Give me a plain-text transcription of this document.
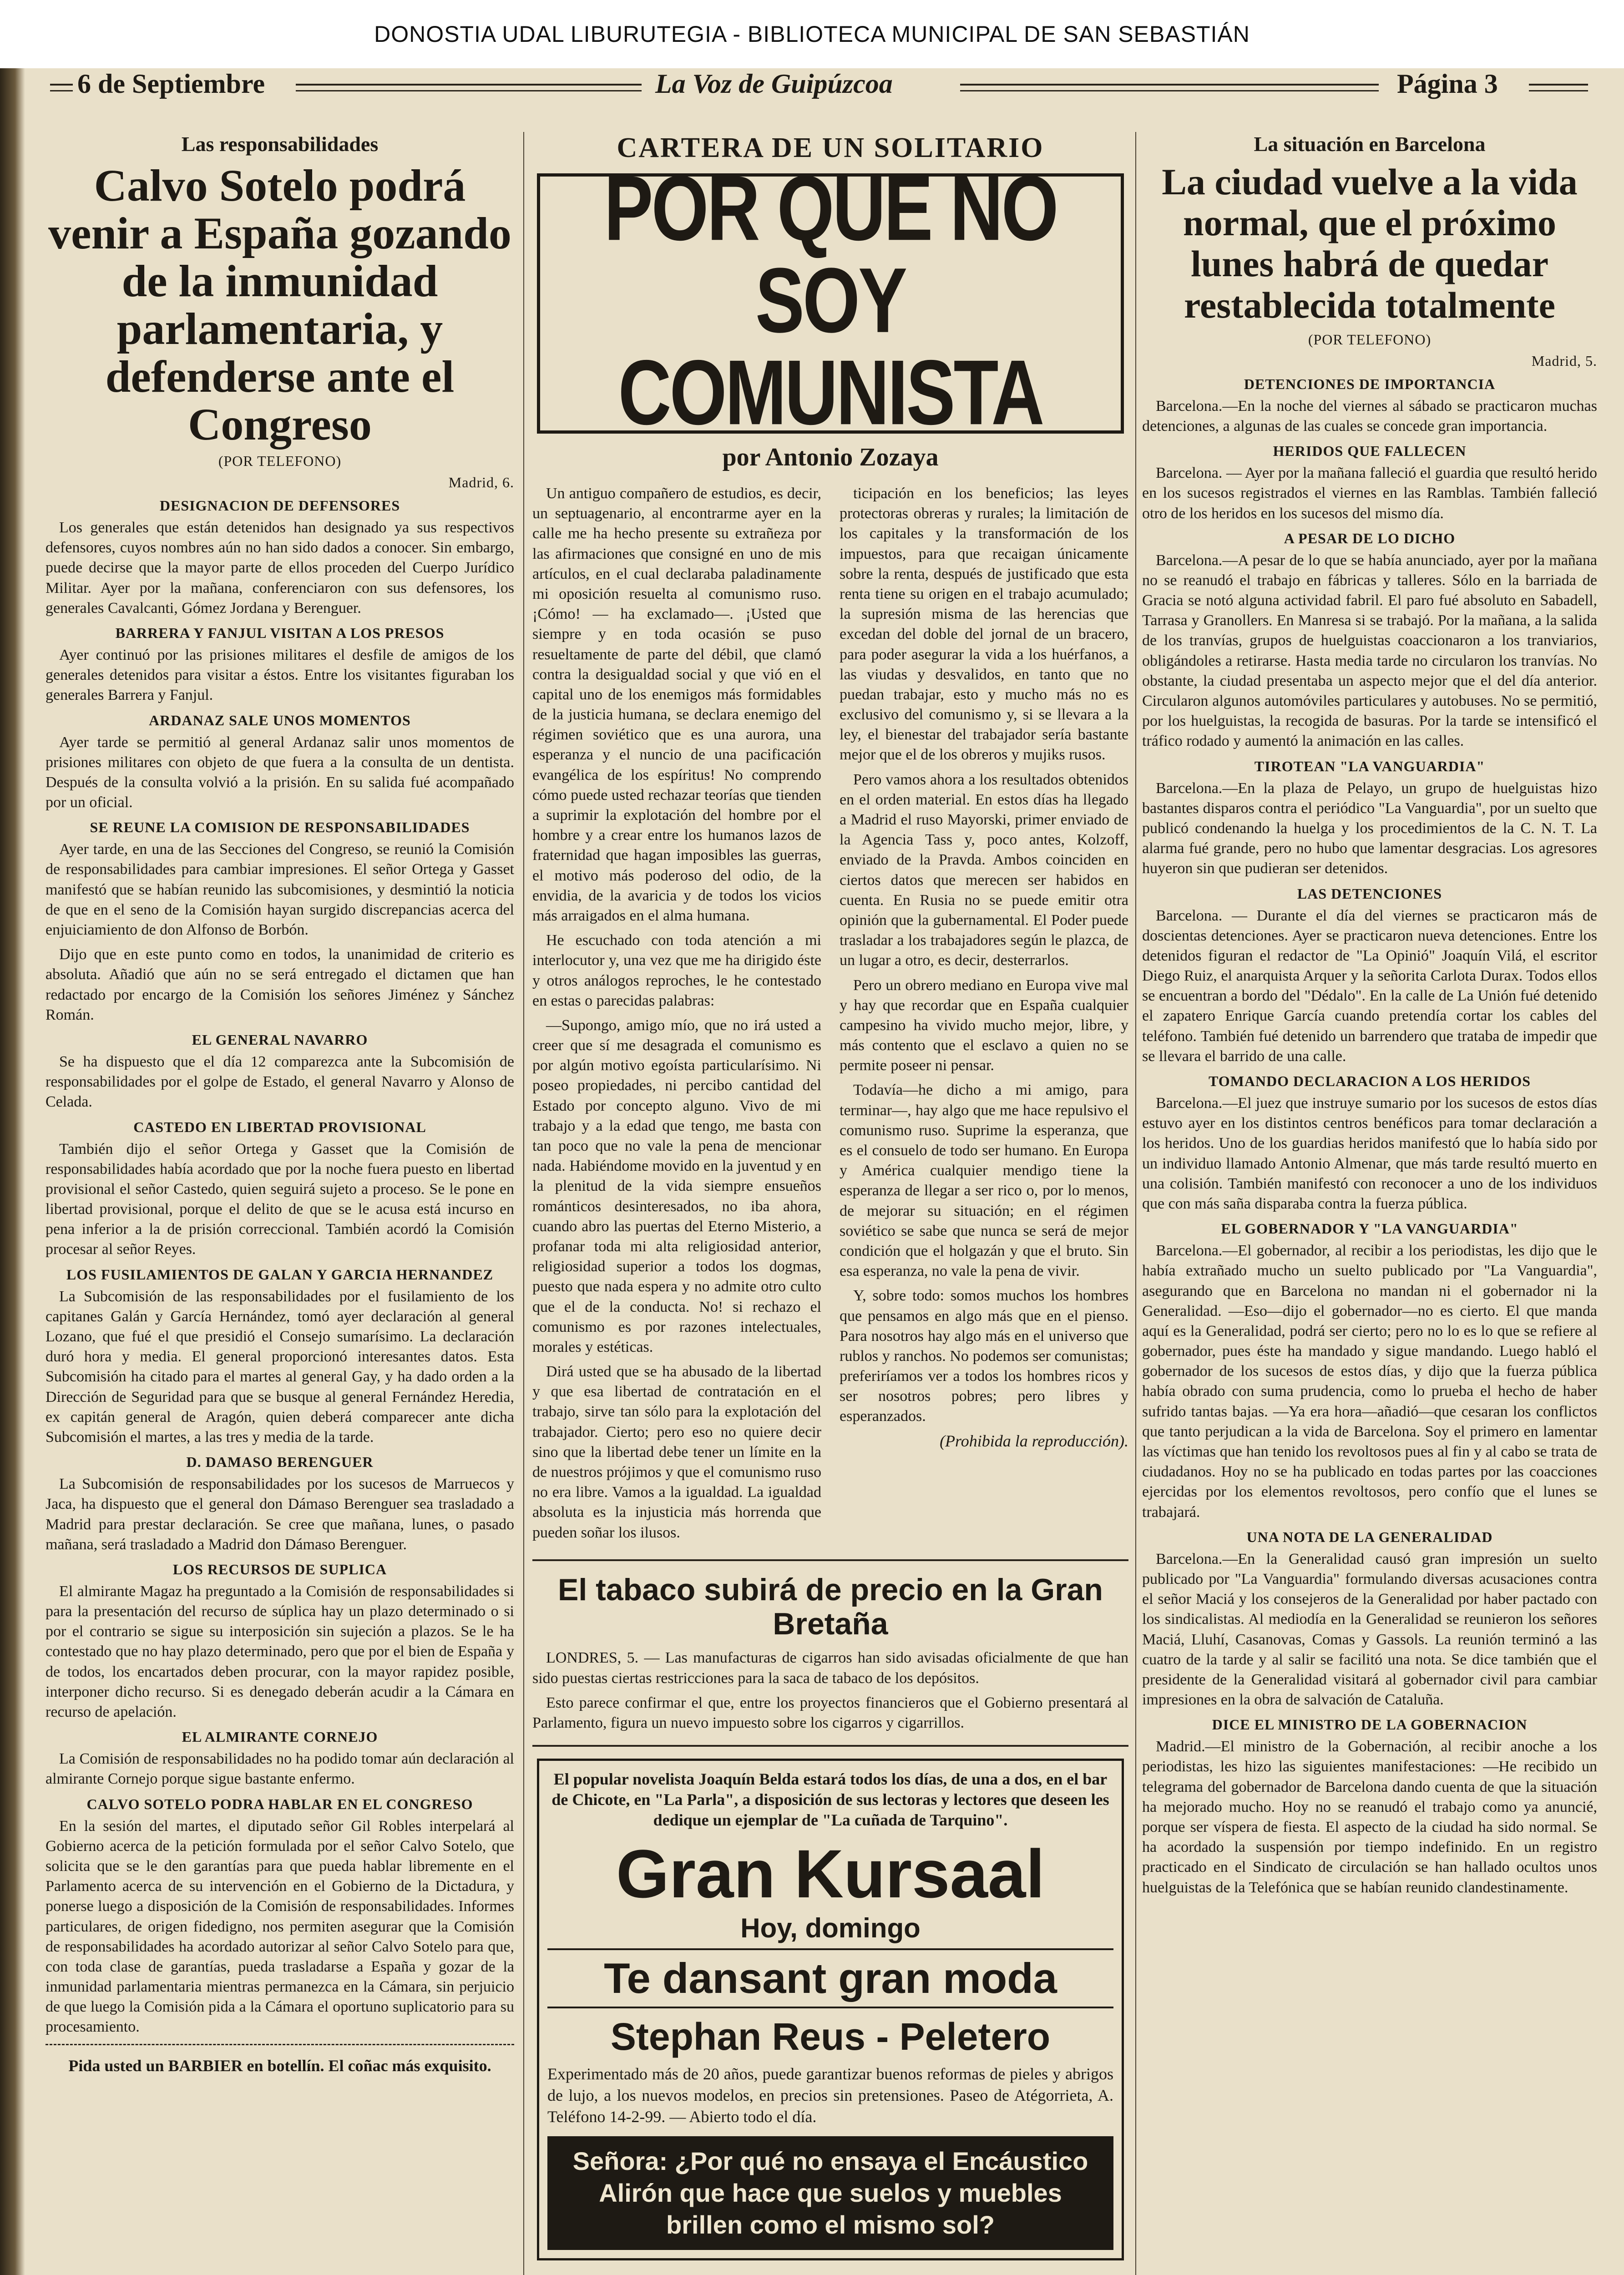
DONOSTIA UDAL LIBURUTEGIA - BIBLIOTECA MUNICIPAL DE SAN SEBASTIÁN
6 de Septiembre	La Voz de Guipúzcoa	Página 3
Las responsabilidades
Calvo Sotelo podrá venir a España gozando de la inmunidad parlamentaria, y defenderse ante el Congreso
(POR TELEFONO)
Madrid, 6.
DESIGNACION DE DEFENSORES

Los generales que están detenidos han designado ya sus respectivos defensores, cuyos nombres aún no han sido dados a conocer. Sin embargo, puede decirse que la mayor parte de ellos proceden del Cuerpo Jurídico Militar. Ayer por la mañana, conferenciaron con sus defensores, los generales Cavalcanti, Gómez Jordana y Berenguer.

BARRERA Y FANJUL VISITAN A LOS PRESOS

Ayer continuó por las prisiones militares el desfile de amigos de los generales detenidos para visitar a éstos. Entre los visitantes figuraban los generales Barrera y Fanjul.

ARDANAZ SALE UNOS MOMENTOS

Ayer tarde se permitió al general Ardanaz salir unos momentos de prisiones militares con objeto de que fuera a la consulta de un dentista. Después de la consulta volvió a la prisión. En su salida fué acompañado por un oficial.

SE REUNE LA COMISION DE RESPONSABILIDADES

Ayer tarde, en una de las Secciones del Congreso, se reunió la Comisión de responsabilidades para cambiar impresiones. El señor Ortega y Gasset manifestó que se habían reunido las subcomisiones, y desmintió la noticia de que en el seno de la Comisión hayan surgido discrepancias acerca del enjuiciamiento de don Alfonso de Borbón.

Dijo que en este punto como en todos, la unanimidad de criterio es absoluta. Añadió que aún no se será entregado el dictamen que han redactado por encargo de la Comisión los señores Jiménez y Sánchez Román.

EL GENERAL NAVARRO

Se ha dispuesto que el día 12 comparezca ante la Subcomisión de responsabilidades por el golpe de Estado, el general Navarro y Alonso de Celada.

CASTEDO EN LIBERTAD PROVISIONAL

También dijo el señor Ortega y Gasset que la Comisión de responsabilidades había acordado que por la noche fuera puesto en libertad provisional el señor Castedo, quien seguirá sujeto a proceso. Se le pone en libertad provisional, porque el delito de que se le acusa está incurso en pena inferior a la de prisión correccional. También acordó la Comisión procesar al señor Reyes.

LOS FUSILAMIENTOS DE GALAN Y GARCIA HERNANDEZ

La Subcomisión de las responsabilidades por el fusilamiento de los capitanes Galán y García Hernández, tomó ayer declaración al general Lozano, que fué el que presidió el Consejo sumarísimo. La declaración duró hora y media. El general proporcionó interesantes datos. Esta Subcomisión ha citado para el martes al general Gay, y ha dado orden a la Dirección de Seguridad para que se busque al general Fernández Heredia, ex capitán general de Aragón, quien deberá comparecer ante dicha Subcomisión el martes, a las tres y media de la tarde.

D. DAMASO BERENGUER

La Subcomisión de responsabilidades por los sucesos de Marruecos y Jaca, ha dispuesto que el general don Dámaso Berenguer sea trasladado a Madrid para prestar declaración. Se cree que mañana, lunes, o pasado mañana, será trasladado a Madrid don Dámaso Berenguer.

LOS RECURSOS DE SUPLICA

El almirante Magaz ha preguntado a la Comisión de responsabilidades si para la presentación del recurso de súplica hay un plazo determinado o si por el contrario se sigue su interposición sin sujeción a plazos. Se le ha contestado que no hay plazo determinado, pero que por el bien de España y de todos, los encartados deben procurar, con la mayor rapidez posible, interponer dicho recurso. Si es denegado deberán acudir a la Cámara en recurso de apelación.

EL ALMIRANTE CORNEJO

La Comisión de responsabilidades no ha podido tomar aún declaración al almirante Cornejo porque sigue bastante enfermo.

CALVO SOTELO PODRA HABLAR EN EL CONGRESO

En la sesión del martes, el diputado señor Gil Robles interpelará al Gobierno acerca de la petición formulada por el señor Calvo Sotelo, que solicita que se le den garantías para que pueda hablar libremente en el Parlamento acerca de su intervención en el Gobierno de la Dictadura, y ponerse luego a disposición de la Comisión de responsabilidades. Informes particulares, de origen fidedigno, nos permiten asegurar que la Comisión de responsabilidades ha acordado autorizar al señor Calvo Sotelo para que, con toda clase de garantías, pueda trasladarse a España y gozar de la inmunidad parlamentaria mientras permanezca en la Cámara, sin perjuicio de que luego la Comisión pida a la Cámara el oportuno suplicatorio para su procesamiento.

Pida usted un BARBIER en botellín. El coñac más exquisito.
CARTERA DE UN SOLITARIO
POR QUE NO SOY COMUNISTA
por Antonio Zozaya

Un antiguo compañero de estudios, es decir, un septuagenario, al encontrarme ayer en la calle me ha hecho presente su extrañeza por las afirmaciones que consigné en uno de mis artículos, en el cual declaraba paladinamente mi oposición resuelta al comunismo ruso. ¡Cómo! — ha exclamado—. ¡Usted que siempre y en toda ocasión se puso resueltamente de parte del débil, que clamó contra la desigualdad social y que vió en el capital uno de los enemigos más formidables de la justicia humana, se declara enemigo del régimen soviético que es una aurora, una esperanza y el nuncio de una pacificación evangélica de los espíritus! No comprendo cómo puede usted rechazar teorías que tienden a suprimir la explotación del hombre por el hombre y a crear entre los humanos lazos de fraternidad que hagan imposibles las guerras, el motivo más poderoso del odio, de la envidia, de la avaricia y de todos los vicios más arraigados en el alma humana.

He escuchado con toda atención a mi interlocutor y, una vez que me ha dirigido éste y otros análogos reproches, le he contestado en estas o parecidas palabras:

—Supongo, amigo mío, que no irá usted a creer que sí me desagrada el comunismo es por algún motivo egoísta particularísimo. Ni poseo propiedades, ni percibo cantidad del Estado por concepto alguno. Vivo de mi trabajo y a la edad que tengo, me basta con tan poco que no vale la pena de mencionar nada. Habiéndome movido en la juventud y en la plenitud de la vida siempre ensueños románticos desinteresados, no iba ahora, cuando abro las puertas del Eterno Misterio, a profanar toda mi alta religiosidad anterior, religiosidad superior a todos los dogmas, puesto que nada espera y no admite otro culto que el de la conducta. No! si rechazo el comunismo es por razones intelectuales, morales y estéticas.

Dirá usted que se ha abusado de la libertad y que esa libertad de contratación en el trabajo, sirve tan sólo para la explotación del trabajador. Cierto; pero eso no quiere decir sino que la libertad debe tener un límite en la de nuestros prójimos y que el comunismo ruso no era libre. Vamos a la igualdad. La igualdad absoluta es la injusticia más horrenda que pueden soñar los ilusos.

ticipación en los beneficios; las leyes protectoras obreras y rurales; la limitación de los capitales y la transformación de los impuestos, para que recaigan únicamente sobre la renta, después de justificado que esta renta tiene su origen en el trabajo acumulado; la supresión misma de las herencias que excedan del doble del jornal de un bracero, para poder asegurar la vida a los huérfanos, a las viudas y desvalidos, en tanto que no puedan trabajar, esto y mucho más no es exclusivo del comunismo y, si se llevara a la ley, el bienestar del trabajador sería bastante mejor que el de los obreros y mujiks rusos.

Pero vamos ahora a los resultados obtenidos en el orden material. En estos días ha llegado a Madrid el ruso Mayorski, primer enviado de la Agencia Tass y, poco antes, Kolzoff, enviado de la Pravda. Ambos coinciden en ciertos datos que merecen ser habidos en cuenta. En Rusia no se puede emitir otra opinión que la gubernamental. El Poder puede trasladar a los trabajadores según le plazca, de un lugar a otro, es decir, desterrarlos.

Pero un obrero mediano en Europa vive mal y hay que recordar que en España cualquier campesino ha vivido mucho mejor, libre, y más contento que el esclavo a quien no se permite poseer ni pensar.

Todavía—he dicho a mi amigo, para terminar—, hay algo que me hace repulsivo el comunismo ruso. Suprime la esperanza, que es el consuelo de todo ser humano. En Europa y América cualquier mendigo tiene la esperanza de llegar a ser rico o, por lo menos, de mejorar su situación; en el régimen soviético se sabe que nunca se será de mejor condición que el holgazán y que el bruto. Sin esa esperanza, no vale la pena de vivir.

Y, sobre todo: somos muchos los hombres que pensamos en algo más que en el pienso. Para nosotros hay algo más en el universo que rublos y ranchos. No podemos ser comunistas; preferiríamos ver a todos los hombres ricos y ser nosotros pobres; pero libres y esperanzados.

(Prohibida la reproducción).
El tabaco subirá de precio en la Gran Bretaña

LONDRES, 5. — Las manufacturas de cigarros han sido avisadas oficialmente de que han sido puestas ciertas restricciones para la saca de tabaco de los depósitos.

Esto parece confirmar el que, entre los proyectos financieros que el Gobierno presentará al Parlamento, figura un nuevo impuesto sobre los cigarros y cigarrillos.

El popular novelista Joaquín Belda estará todos los días, de una a dos, en el bar de Chicote, en "La Parla", a disposición de sus lectoras y lectores que deseen les dedique un ejemplar de "La cuñada de Tarquino".
Gran Kursaal
Hoy, domingo
Te dansant gran moda
Stephan Reus - Peletero
Experimentado más de 20 años, puede garantizar buenos reformas de pieles y abrigos de lujo, a los nuevos modelos, en precios sin pretensiones. Paseo de Atégorrieta, A. Teléfono 14-2-99. — Abierto todo el día.
Señora: ¿Por qué no ensaya el Encáustico Alirón que hace que suelos y muebles brillen como el mismo sol?
La situación en Barcelona
La ciudad vuelve a la vida normal, que el próximo lunes habrá de quedar restablecida totalmente
(POR TELEFONO)
Madrid, 5.
DETENCIONES DE IMPORTANCIA

Barcelona.—En la noche del viernes al sábado se practicaron muchas detenciones, a algunas de las cuales se concede gran importancia.

HERIDOS QUE FALLECEN

Barcelona. — Ayer por la mañana falleció el guardia que resultó herido en los sucesos registrados el viernes en las Ramblas. También falleció otro de los heridos en los sucesos del mismo día.

A PESAR DE LO DICHO

Barcelona.—A pesar de lo que se había anunciado, ayer por la mañana no se reanudó el trabajo en fábricas y talleres. Sólo en la barriada de Gracia se notó alguna actividad fabril. El paro fué absoluto en Sabadell, Tarrasa y Granollers. En Manresa si se trabajó. Por la mañana, a la salida de los tranvías, grupos de huelguistas coaccionaron a los tranviarios, obligándoles a retirarse. Hasta media tarde no circularon los tranvías. No obstante, la ciudad presentaba un aspecto mejor que el del día anterior. Circularon algunos automóviles particulares y autobuses. No se permitió, por los huelguistas, la recogida de basuras. Por la tarde se intensificó el tráfico rodado y aumentó la animación en las calles.

TIROTEAN "LA VANGUARDIA"

Barcelona.—En la plaza de Pelayo, un grupo de huelguistas hizo bastantes disparos contra el periódico "La Vanguardia", por un suelto que publicó condenando la huelga y los procedimientos de la C. N. T. La alarma fué grande, pero no hubo que lamentar desgracias. Los agresores huyeron sin que pudieran ser detenidos.

LAS DETENCIONES

Barcelona. — Durante el día del viernes se practicaron más de doscientas detenciones. Ayer se practicaron nueva detenciones. Entre los detenidos figuran el redactor de "La Opinió" Joaquín Vilá, el escritor Diego Ruiz, el anarquista Arquer y la señorita Carlota Durax. Todos ellos se encuentran a bordo del "Dédalo". En la calle de La Unión fué detenido el zapatero Enrique García cuando pretendía cortar los cables del teléfono. También fué detenido un barrendero que trataba de impedir que se llevara el barrido de una calle.

TOMANDO DECLARACION A LOS HERIDOS

Barcelona.—El juez que instruye sumario por los sucesos de estos días estuvo ayer en los distintos centros benéficos para tomar declaración a los heridos. Uno de los guardias heridos manifestó que lo había sido por un individuo llamado Antonio Almenar, que más tarde resultó muerto en una colisión. También manifestó con reconocer a uno de los individuos que con más saña disparaba contra la fuerza pública.

EL GOBERNADOR Y "LA VANGUARDIA"

Barcelona.—El gobernador, al recibir a los periodistas, les dijo que le había extrañado mucho un suelto publicado por "La Vanguardia", asegurando que en Barcelona no mandan ni el gobernador ni la Generalidad. —Eso—dijo el gobernador—no es cierto. El que manda aquí es la Generalidad, podrá ser cierto; pero no lo es lo que se refiere al gobernador, pues éste ha mandado y sigue mandando. Luego habló el gobernador de los sucesos de estos días, y dijo que la fuerza pública había obrado con suma prudencia, como lo prueba el hecho de haber sufrido tantas bajas. —Ya era hora—añadió—que cesaran los conflictos que tanto perjudican a la vida de Barcelona. Soy el primero en lamentar las víctimas que han tenido los revoltosos pues al fin y al cabo se trata de ciudadanos. Hoy no se ha publicado en todas partes por las coacciones ejercidas por los elementos revoltosos, pero confío que el lunes se trabajará.

UNA NOTA DE LA GENERALIDAD

Barcelona.—En la Generalidad causó gran impresión un suelto publicado por "La Vanguardia" formulando diversas acusaciones contra el señor Maciá y los consejeros de la Generalidad por haber pactado con los sindicalistas. Al mediodía en la Generalidad se reunieron los señores Maciá, Lluhí, Casanovas, Comas y Gassols. La reunión terminó a las cuatro de la tarde y al salir se facilitó una nota. Se dice también que el presidente de la Generalidad visitará al gobernador civil para cambiar impresiones en la obra de salvación de Cataluña.

DICE EL MINISTRO DE LA GOBERNACION

Madrid.—El ministro de la Gobernación, al recibir anoche a los periodistas, les hizo las siguientes manifestaciones: —He recibido un telegrama del gobernador de Barcelona dando cuenta de que la situación ha mejorado mucho. Hoy no se reanudó el trabajo como ya anuncié, porque ser víspera de fiesta. El aspecto de la ciudad ha sido normal. Se ha acordado la suspensión por tiempo indefinido. En un registro practicado en el Sindicato de circulación se han hallado ocultos unos huelguistas de la Telefónica que se habían reunido clandestinamente.
